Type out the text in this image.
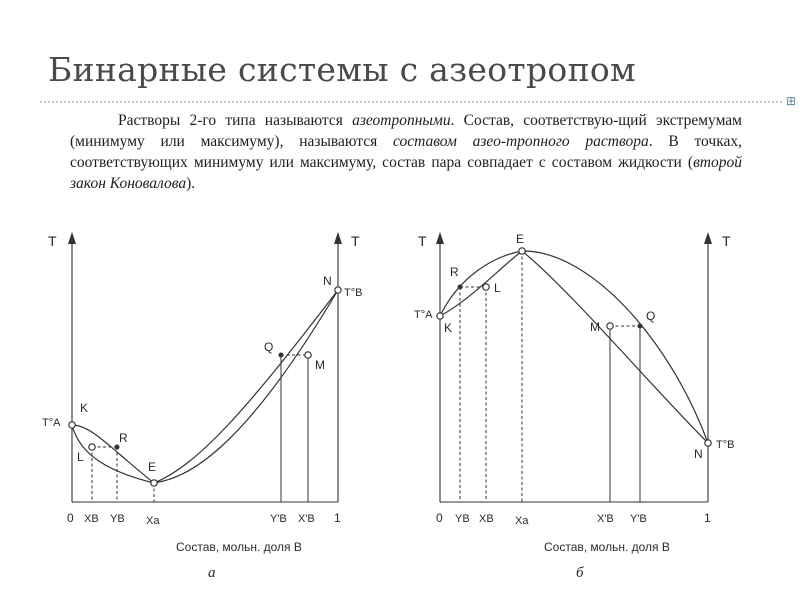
Бинарные системы с азеотропом
⊞

Растворы 2-го типа называются азеотропными. Состав, соответствую-щий экстремумам (минимуму или максимуму), называются составом азео-тропного раствора. В точках, соответствующих минимуму или максимуму, состав пара совпадает с составом жидкости (второй закон Коновалова).

T	T
T°A
T°B
K
L
R
E
Q
M
N
0 XB YB Xa	Y'B X'B 1
Состав, мольн. доля B
а
T	T
T°A
T°B
E
R
L
K	M
Q
N
0 YB XB Xa	X'B Y'B	1
Состав, мольн. доля B
б
